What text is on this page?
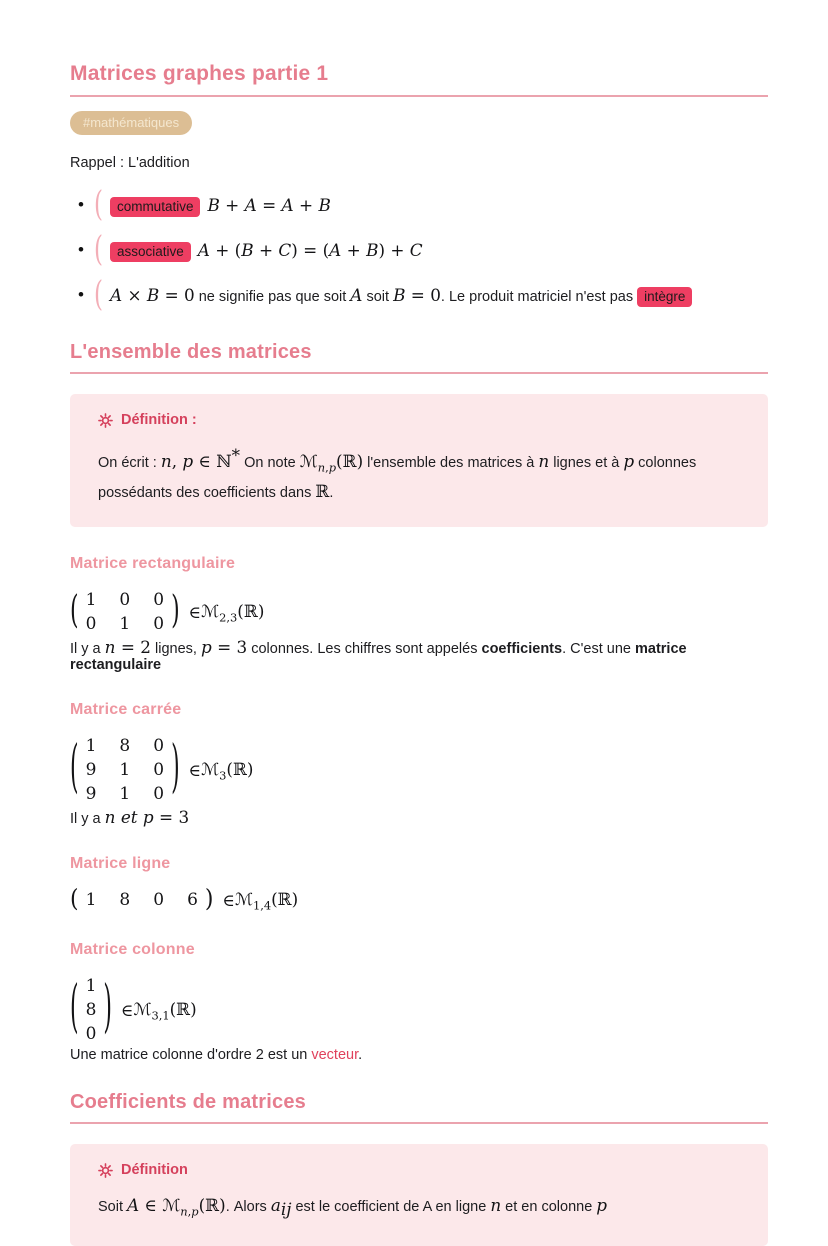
Matrices graphes partie 1
#mathématiques

Rappel : L'addition

• (	commutative B + A = A + B
• (	associative A + (B + C) = (A + B) + C
• ( A × B = 0 ne signifie pas que soit A soit B = 0. Le produit matriciel n'est pas intègre
L'ensemble des matrices
Définition :

On écrit : n, p ∈ ℕ*

On note ℳ$_{n,p}$(ℝ) l'ensemble des matrices à n lignes et à p colonnes possédants des coefficients dans ℝ.

Matrice rectangulaire
( 1 0 0
0 1 0 ) ∈ ℳ$_{2,3}$(ℝ)

Il y a n = 2 lignes, p = 3 colonnes. Les chiffres sont appelés coefficients. C'est une matrice rectangulaire

Matrice carrée
( 1 8 0
9 1 0
9 1 0 ) ∈ ℳ$_3$(ℝ)

Il y a n et p = 3

Matrice ligne
( 1 8 0 6 ) ∈ ℳ$_{1,4}$(ℝ)
Matrice colonne
( 1
8
0 ) ∈ ℳ$_{3,1}$(ℝ)

Une matrice colonne d'ordre 2 est un vecteur.

Coefficients de matrices
Définition

Soit A ∈ ℳ$_{n,p}$(ℝ).

Alors $a_{ij}$ est le coefficient de A en ligne n et en colonne p
